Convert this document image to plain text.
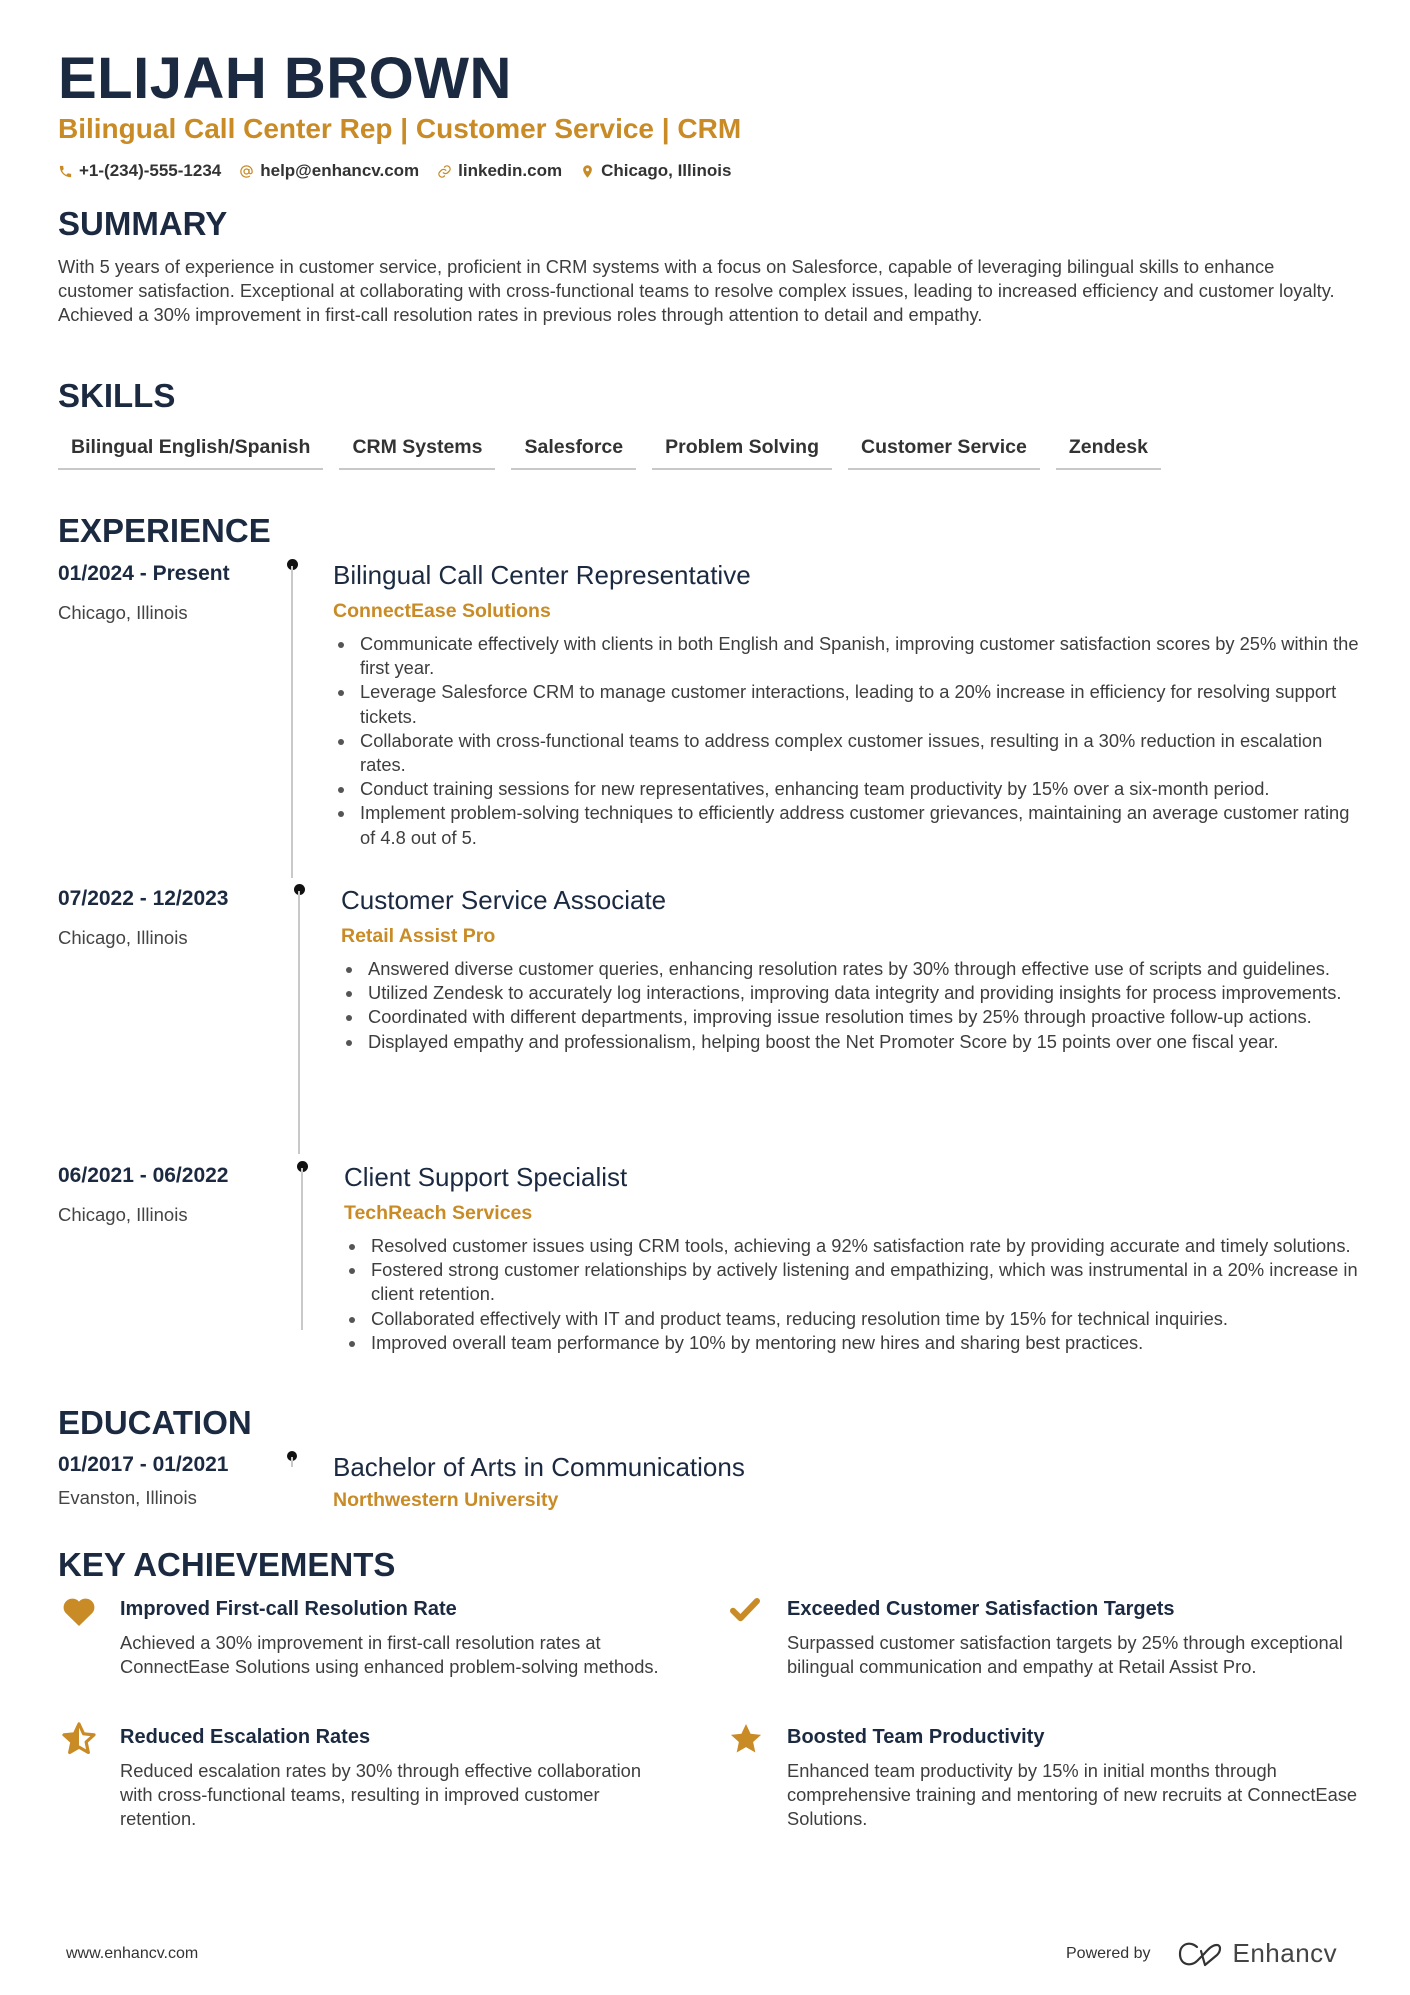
ELIJAH BROWN
Bilingual Call Center Rep | Customer Service | CRM
+1-(234)-555-1234 help@enhancv.com linkedin.com Chicago, Illinois
SUMMARY
With 5 years of experience in customer service, proficient in CRM systems with a focus on Salesforce, capable of leveraging bilingual skills to enhance customer satisfaction. Exceptional at collaborating with cross-functional teams to resolve complex issues, leading to increased efficiency and customer loyalty. Achieved a 30% improvement in first-call resolution rates in previous roles through attention to detail and empathy.
SKILLS
Bilingual English/Spanish	CRM Systems	Salesforce	Problem Solving	Customer Service	Zendesk
EXPERIENCE
01/2024 - Present
Chicago, Illinois
Bilingual Call Center Representative
ConnectEase Solutions
Communicate effectively with clients in both English and Spanish, improving customer satisfaction scores by 25% within the first year.
Leverage Salesforce CRM to manage customer interactions, leading to a 20% increase in efficiency for resolving support tickets.
Collaborate with cross-functional teams to address complex customer issues, resulting in a 30% reduction in escalation rates.
Conduct training sessions for new representatives, enhancing team productivity by 15% over a six-month period.
Implement problem-solving techniques to efficiently address customer grievances, maintaining an average customer rating of 4.8 out of 5.
07/2022 - 12/2023
Chicago, Illinois
Customer Service Associate
Retail Assist Pro
Answered diverse customer queries, enhancing resolution rates by 30% through effective use of scripts and guidelines.
Utilized Zendesk to accurately log interactions, improving data integrity and providing insights for process improvements.
Coordinated with different departments, improving issue resolution times by 25% through proactive follow-up actions.
Displayed empathy and professionalism, helping boost the Net Promoter Score by 15 points over one fiscal year.
06/2021 - 06/2022
Chicago, Illinois
Client Support Specialist
TechReach Services
Resolved customer issues using CRM tools, achieving a 92% satisfaction rate by providing accurate and timely solutions.
Fostered strong customer relationships by actively listening and empathizing, which was instrumental in a 20% increase in client retention.
Collaborated effectively with IT and product teams, reducing resolution time by 15% for technical inquiries.
Improved overall team performance by 10% by mentoring new hires and sharing best practices.
EDUCATION
01/2017 - 01/2021
Evanston, Illinois
Bachelor of Arts in Communications
Northwestern University
KEY ACHIEVEMENTS
Improved First-call Resolution Rate
Achieved a 30% improvement in first-call resolution rates at ConnectEase Solutions using enhanced problem-solving methods.
Exceeded Customer Satisfaction Targets
Surpassed customer satisfaction targets by 25% through exceptional bilingual communication and empathy at Retail Assist Pro.
Reduced Escalation Rates
Reduced escalation rates by 30% through effective collaboration with cross-functional teams, resulting in improved customer retention.
Boosted Team Productivity
Enhanced team productivity by 15% in initial months through comprehensive training and mentoring of new recruits at ConnectEase Solutions.
www.enhancv.com	Powered by	Enhancv
